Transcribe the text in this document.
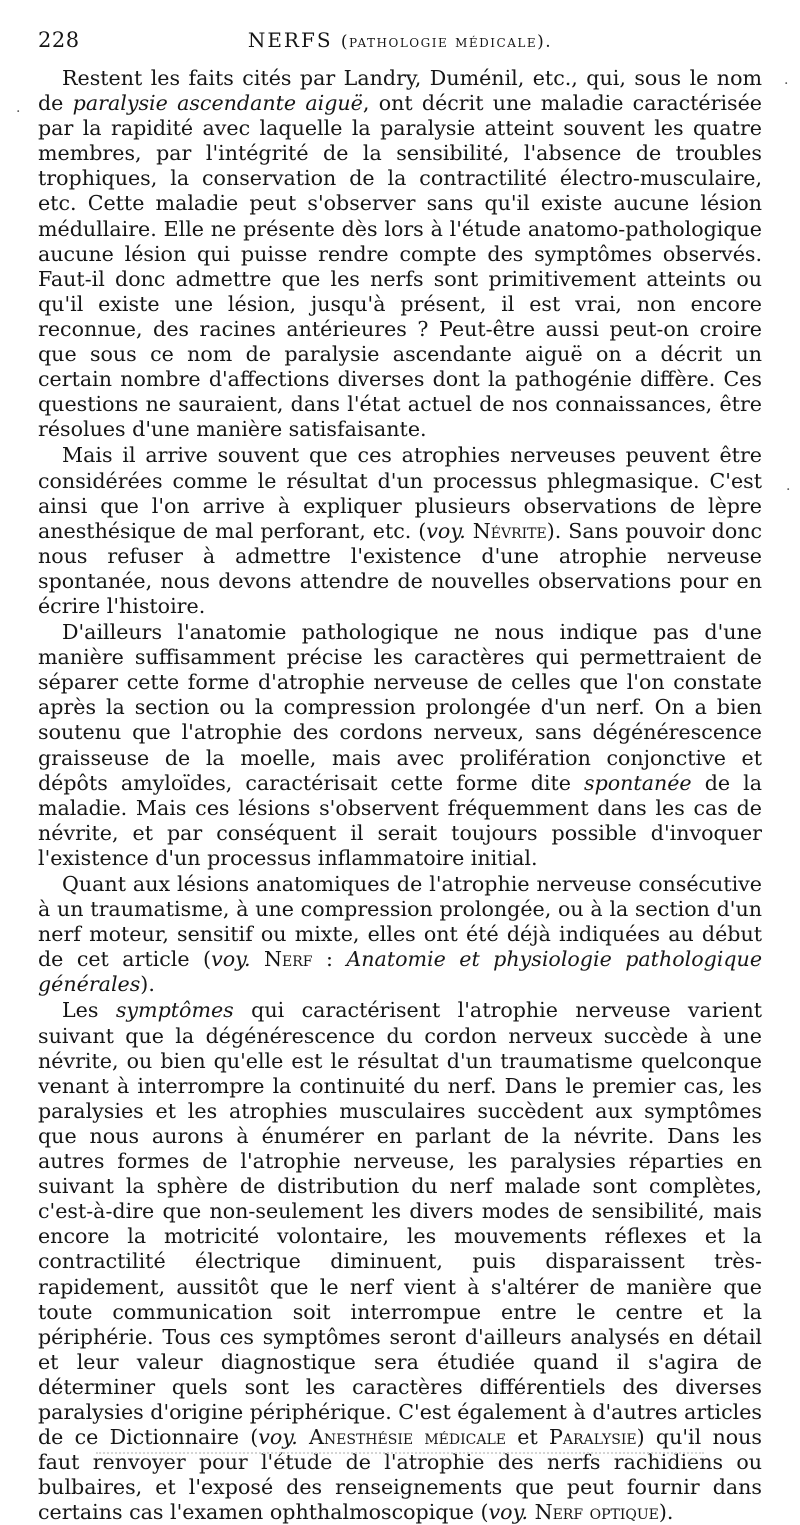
228	NERFS (pathologie médicale).

Restent les faits cités par Landry, Duménil, etc., qui, sous le nom de paralysie ascendante aiguë, ont décrit une maladie caractérisée par la rapidité avec laquelle la paralysie atteint souvent les quatre membres, par l'intégrité de la sensibilité, l'absence de troubles trophiques, la conservation de la contractilité électro-musculaire, etc. Cette maladie peut s'observer sans qu'il existe aucune lésion médullaire. Elle ne présente dès lors à l'étude anatomo-pathologique aucune lésion qui puisse rendre compte des symptômes observés. Faut-il donc admettre que les nerfs sont primitivement atteints ou qu'il existe une lésion, jusqu'à présent, il est vrai, non encore reconnue, des racines antérieures ? Peut-être aussi peut-on croire que sous ce nom de paralysie ascendante aiguë on a décrit un certain nombre d'affections diverses dont la pathogénie diffère. Ces questions ne sauraient, dans l'état actuel de nos connaissances, être résolues d'une manière satisfaisante.

Mais il arrive souvent que ces atrophies nerveuses peuvent être considérées comme le résultat d'un processus phlegmasique. C'est ainsi que l'on arrive à expliquer plusieurs observations de lèpre anesthésique de mal perforant, etc. (voy. Névrite). Sans pouvoir donc nous refuser à admettre l'existence d'une atrophie nerveuse spontanée, nous devons attendre de nouvelles observations pour en écrire l'histoire.

D'ailleurs l'anatomie pathologique ne nous indique pas d'une manière suffisamment précise les caractères qui permettraient de séparer cette forme d'atrophie nerveuse de celles que l'on constate après la section ou la compression prolongée d'un nerf. On a bien soutenu que l'atrophie des cordons nerveux, sans dégénérescence graisseuse de la moelle, mais avec prolifération conjonctive et dépôts amyloïdes, caractérisait cette forme dite spontanée de la maladie. Mais ces lésions s'observent fréquemment dans les cas de névrite, et par conséquent il serait toujours possible d'invoquer l'existence d'un processus inflammatoire initial.

Quant aux lésions anatomiques de l'atrophie nerveuse consécutive à un traumatisme, à une compression prolongée, ou à la section d'un nerf moteur, sensitif ou mixte, elles ont été déjà indiquées au début de cet article (voy. Nerf : Anatomie et physiologie pathologique générales).

Les symptômes qui caractérisent l'atrophie nerveuse varient suivant que la dégénérescence du cordon nerveux succède à une névrite, ou bien qu'elle est le résultat d'un traumatisme quelconque venant à interrompre la continuité du nerf. Dans le premier cas, les paralysies et les atrophies musculaires succèdent aux symptômes que nous aurons à énumérer en parlant de la névrite. Dans les autres formes de l'atrophie nerveuse, les paralysies réparties en suivant la sphère de distribution du nerf malade sont complètes, c'est-à-dire que non-seulement les divers modes de sensibilité, mais encore la motricité volontaire, les mouvements réflexes et la contractilité électrique diminuent, puis disparaissent très-rapidement, aussitôt que le nerf vient à s'altérer de manière que toute communication soit interrompue entre le centre et la périphérie. Tous ces symptômes seront d'ailleurs analysés en détail et leur valeur diagnostique sera étudiée quand il s'agira de déterminer quels sont les caractères différentiels des diverses paralysies d'origine périphérique. C'est également à d'autres articles de ce Dictionnaire (voy. Anesthésie médicale et Paralysie) qu'il nous faut renvoyer pour l'étude de l'atrophie des nerfs rachidiens ou bulbaires, et l'exposé des renseignements que peut fournir dans certains cas l'examen ophthalmoscopique (voy. Nerf optique).

·
·
·
